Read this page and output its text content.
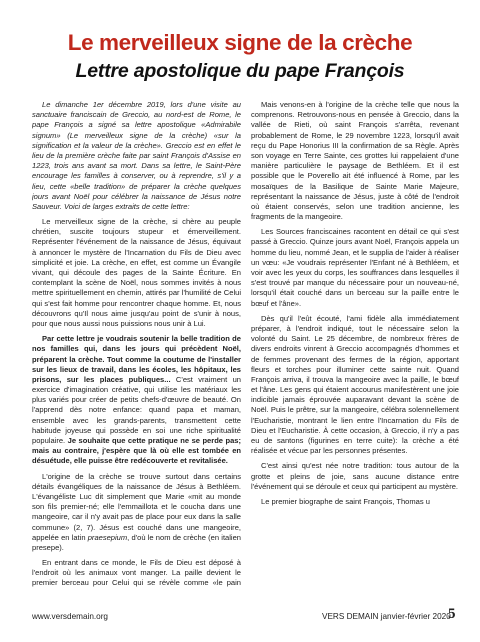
Le merveilleux signe de la crèche
Lettre apostolique du pape François

Le dimanche 1er décembre 2019, lors d'une visite au sanctuaire franciscain de Greccio, au nord-est de Rome, le pape François a signé sa lettre apostolique «Admirabile signum» (Le merveilleux signe de la crèche) «sur la signification et la valeur de la crèche». Greccio est en effet le lieu de la première crèche faite par saint François d'Assise en 1223, trois ans avant sa mort. Dans sa lettre, le Saint-Père encourage les familles à conserver, ou à reprendre, s'il y a lieu, cette «belle tradition» de préparer la crèche quelques jours avant Noël pour célébrer la naissance de Jésus notre Sauveur. Voici de larges extraits de cette lettre:

Le merveilleux signe de la crèche, si chère au peuple chrétien, suscite toujours stupeur et émerveillement. Représenter l'événement de la naissance de Jésus, équivaut à annoncer le mystère de l'Incarnation du Fils de Dieu avec simplicité et joie. La crèche, en effet, est comme un Évangile vivant, qui découle des pages de la Sainte Écriture. En contemplant la scène de Noël, nous sommes invités à nous mettre spirituellement en chemin, attirés par l'humilité de Celui qui s'est fait homme pour rencontrer chaque homme. Et, nous découvrons qu'Il nous aime jusqu'au point de s'unir à nous, pour que nous aussi nous puissions nous unir à Lui.

Par cette lettre je voudrais soutenir la belle tradition de nos familles qui, dans les jours qui précèdent Noël, préparent la crèche. Tout comme la coutume de l'installer sur les lieux de travail, dans les écoles, les hôpitaux, les prisons, sur les places publiques... C'est vraiment un exercice d'imagination créative, qui utilise les matériaux les plus variés pour créer de petits chefs-d'œuvre de beauté. On l'apprend dès notre enfance: quand papa et maman, ensemble avec les grands-parents, transmettent cette habitude joyeuse qui possède en soi une riche spiritualité populaire. Je souhaite que cette pratique ne se perde pas; mais au contraire, j'espère que là où elle est tombée en désuétude, elle puisse être redécouverte et revitalisée.

L'origine de la crèche se trouve surtout dans certains détails évangéliques de la naissance de Jésus à Bethléem. L'évangéliste Luc dit simplement que Marie «mit au monde son fils premier-né; elle l'emmaillota et le coucha dans une mangeoire, car il n'y avait pas de place pour eux dans la salle commune» (2, 7). Jésus est couché dans une mangeoire, appelée en latin praesepium, d'où le nom de crèche (en italien presepe).

En entrant dans ce monde, le Fils de Dieu est déposé à l'endroit où les animaux vont manger. La paille devient le premier berceau pour Celui qui se révèle comme «le pain

Mais venons-en à l'origine de la crèche telle que nous la comprenons. Retrouvons-nous en pensée à Greccio, dans la vallée de Rieti, où saint François s'arrêta, revenant probablement de Rome, le 29 novembre 1223, lorsqu'il avait reçu du Pape Honorius III la confirmation de sa Règle. Après son voyage en Terre Sainte, ces grottes lui rappelaient d'une manière particulière le paysage de Bethléem. Et il est possible que le Poverello ait été influencé à Rome, par les mosaïques de la Basilique de Sainte Marie Majeure, représentant la naissance de Jésus, juste à côté de l'endroit où étaient conservés, selon une tradition ancienne, les fragments de la mangeoire.

Les Sources franciscaines racontent en détail ce qui s'est passé à Greccio. Quinze jours avant Noël, François appela un homme du lieu, nommé Jean, et le supplia de l'aider à réaliser un vœu: «Je voudrais représenter l'Enfant né à Bethléem, et voir avec les yeux du corps, les souffrances dans lesquelles il s'est trouvé par manque du nécessaire pour un nouveau-né, lorsqu'il était couché dans un berceau sur la paille entre le bœuf et l'âne».

Dès qu'il l'eût écouté, l'ami fidèle alla immédiatement préparer, à l'endroit indiqué, tout le nécessaire selon la volonté du Saint. Le 25 décembre, de nombreux frères de divers endroits vinrent à Greccio accompagnés d'hommes et de femmes provenant des fermes de la région, apportant fleurs et torches pour illuminer cette sainte nuit. Quand François arriva, il trouva la mangeoire avec la paille, le bœuf et l'âne. Les gens qui étaient accourus manifestèrent une joie indicible jamais éprouvée auparavant devant la scène de Noël. Puis le prêtre, sur la mangeoire, célébra solennellement l'Eucharistie, montrant le lien entre l'Incarnation du Fils de Dieu et l'Eucharistie. À cette occasion, à Greccio, il n'y a pas eu de santons (figurines en terre cuite): la crèche a été réalisée et vécue par les personnes présentes.

C'est ainsi qu'est née notre tradition: tous autour de la grotte et pleins de joie, sans aucune distance entre l'événement qui se déroule et ceux qui participent au mystère.

Le premier biographe de saint François, Thomas u

www.versdemain.org	VERS DEMAIN janvier-février 2020
5
